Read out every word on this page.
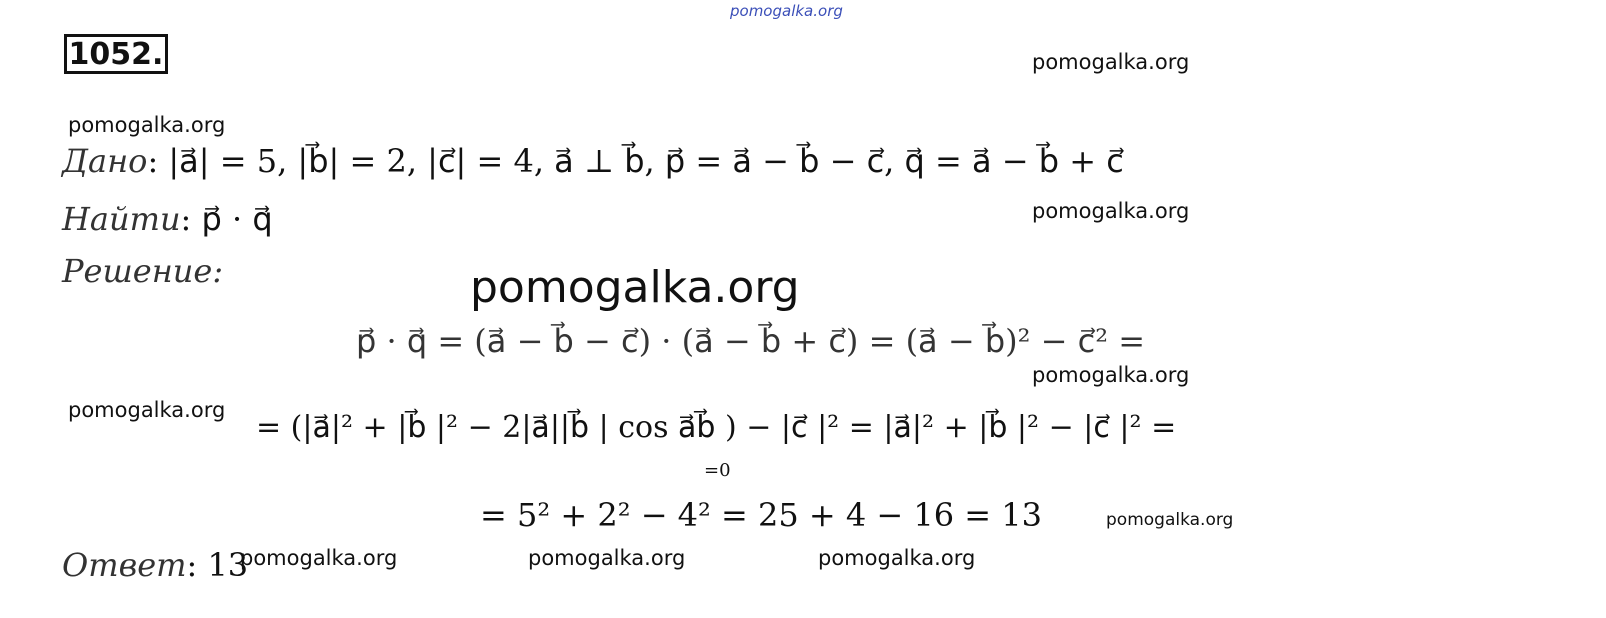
pomogalka.org
1052.	pomogalka.org
pomogalka.org
pomogalka.org
pomogalka.org
pomogalka.org
pomogalka.org
pomogalka.org
pomogalka.org	pomogalka.org	pomogalka.org
Дано: |a⃗| = 5, |b⃗| = 2, |c⃗| = 4, a⃗ ⊥ b⃗, p⃗ = a⃗ − b⃗ − c⃗, q⃗ = a⃗ − b⃗ + c⃗
Найти: p⃗ · q⃗
Решение:
p⃗ · q⃗ = (a⃗ − b⃗ − c⃗) · (a⃗ − b⃗ + c⃗) = (a⃗ − b⃗)² − c⃗² =
= (|a⃗|² + |b⃗ |² − 2|a⃗||b⃗ | cos a⃗b⃗ ) − |c⃗ |² = |a⃗|² + |b⃗ |² − |c⃗ |² =
=0
= 5² + 2² − 4² = 25 + 4 − 16 = 13
Ответ: 13
